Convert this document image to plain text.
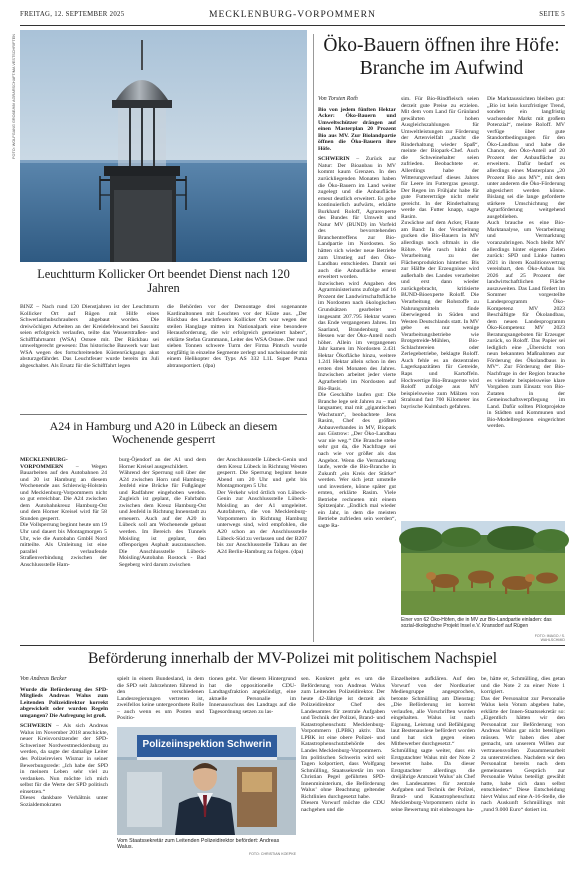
FREITAG, 12. SEPTEMBER 2025	MECKLENBURG-VORPOMMERN	SEITE 5
FOTO: WOLFGANG GROßE/MV AGRARSCHAFT/MA VESTSCHRIFTEN
Leuchtturm Kollicker Ort beendet Dienst nach 120 Jahren
BINZ – Nach rund 120 Dienstjahren ist der Leuchtturm Kollicker Ort auf Rügen mit Hilfe eines Schwerlasthubschraubers abgebaut worden. Die dreiwöchigen Arbeiten an der Kreidefelswand bei Sassnitz seien erfolgreich verlaufen, teilte das Wasserstraßen- und Schifffahrtsamt (WSA) Ostsee mit. Der Rückbau sei umweltgerecht gewesen: Das historische Bauwerk war laut WSA wegen des fortschreitenden Küstenrückgangs akut absturzgefährdet. Das Leuchtfeuer wurde bereits im Juli abgeschaltet. Als Ersatz für die Schifffahrt legen
die Behörden vor der Demontage drei sogenannte Kardinaltonnen mit Leuchten vor der Küste aus. „Der Rückbau des Leuchtfeuers Kollicker Ort war wegen der steilen Hanglage mitten im Nationalpark eine besondere Herausforderung, die wir erfolgreich gemeistert haben“, erklärte Stefan Grammann, Leiter des WSA Ostsee. Der rund sieben Tonnen schwere Turm der Firma Pintsch wurde sorgfältig in einzelne Segmente zerlegt und nacheinander mit einem Helikopter des Typs AS 332 L1L Super Puma abtransportiert. (dpa)
A24 in Hamburg und A20 in Lübeck an diesem Wochenende gesperrt
MECKLENBURG-VORPOMMERN – Wegen Bauarbeiten auf den Autobahnen 24 und 20 ist Hamburg an diesem Wochenende aus Schleswig-Holstein und Mecklenburg-Vorpommern nicht so gut erreichbar. Die A24 zwischen dem Autobahnkreuz Hamburg-Ost und dem Horner Kreisel wird für 58 Stunden gesperrt.
Die Vollsperrung beginnt heute um 19 Uhr und dauert bis Montagmorgen 5 Uhr, wie die Autobahn GmbH Nord mitteilte. Als Umleitung ist eine parallel verlaufende Straßenverbindung zwischen der Anschlussstelle Ham-
burg-Öjendorf an der A1 und dem Horner Kreisel ausgeschildert.
Während der Sperrung soll über der A24 zwischen Horn und Hamburg-Jenfeld eine Brücke für Fußgänger und Radfahrer eingehoben werden. Zugleich ist geplant, die Fahrbahn zwischen dem Kreuz Hamburg-Ost und Jenfeld in Richtung Innenstadt zu erneuern. Auch auf der A20 in Lübeck soll am Wochenende gebaut werden. Im Bereich des Tunnels Moisling ist geplant, den offenporigen Asphalt auszutauschen. Die Anschlussstelle Lübeck-Moisling/Autobahn Rostock - Bad Segeberg wird darum zwischen
der Anschlussstelle Lübeck-Genin und dem Kreuz Lübeck in Richtung Westen gesperrt. Die Sperrung beginnt heute Abend um 20 Uhr und geht bis Montagmorgen 5 Uhr.
Der Verkehr wird örtlich von Lübeck-Genin zur Anschlussstelle Lübeck-Moisling an der A1 umgeleitet. Autofahrern, die von Mecklenburg-Vorpommern in Richtung Hamburg unterwegs sind, wird empfohlen, die A20 schon an der Anschlussstelle Lübeck-Süd zu verlassen und der B207 bis zur Anschlussstelle Talkau an der A24 Berlin-Hamburg zu folgen. (dpa)
Öko-Bauern öffnen ihre Höfe: Branche im Aufwind

Von Torsten Roth

Bio von jedem fünften Hektar Acker: Öko-Bauern und Umweltschützer drängen auf einen Masterplan 20 Prozent Bio aus MV. Zur Biolandpartie öffnen die Öko-Bauern ihre Höfe.

SCHWERIN – Zurück zur Natur: Der Bioanbau in MV kommt kaum Grenzen. In den zurückliegenden Monaten haben die Öko-Bauern im Land weiter zugelegt und die Anbaufläche erneut deutlich erweitert. Es gehe kontinuierlich aufwärts, erklärte Burkhard Roloff, Agrarexperte des Bundes für Umwelt und Natur MV (BUND) im Vorfeld des bevorstehenden Branchentreffens zur Bio-Landpartie im Nordosten. So hätten sich wieder neue Betriebe zum Umstieg auf den Öko-Landbau entschieden. Damit sei auch die Anbaufläche erneut erweitert worden.
Inzwischen wird Angaben des Agrarministeriums zufolge auf 16 Prozent der Landwirtschaftsfläche im Nordosten nach ökologischen Grundsätzen gearbeitet – insgesamt 207.795 Hektar waren das Ende vergangenen Jahres. Im Saarland, Brandenburg und Hessen war der Öko-Anteil noch höher. Allein im vergangenen Jahr kamen im Nordosten 2.431 Hektar Ökofläche hinzu, weitere 1.241 Hektar allein schon in den ersten drei Monaten des Jahres. Inzwischen arbeitet jeder vierte Agrarbetrieb im Nordosten auf Bio-Basis.
Die Geschäfte laufen gut: Die Branche lege seit Jahren zu – mal langsamer, mal mit „gigantischen Wachstum“, beobachtete Jens Rasim, Chef des größten Anbauverbandes in MV, Biopark aus Güstrow: „Der Öko-Landbau war nie weg.“ Die Branche stehe sehr gut da, die Nachfrage sei nach wie vor größer als das Angebot. Wenn die Vermarktung laufe, werde die Bio-Branche in Zukunft „ein Kreis der Stärke“ werden. Wer sich jetzt umstelle und investiere, könne später gut ernten, erklärte Rasim. Viele Betriebe rechneten mit einem Spitzenjahr. „Endlich mal wieder ein Jahr, in dem die meisten Betriebe zufrieden sein werden“, sagte Ra-
sim. Für Bio-Rindfleisch seien derzeit gute Preise zu erzielen. Mit dem vom Land für Grünland gewährten hohen Ausgleichszahlungen für Umweltleistungen zur Förderung der Artenvielfalt „macht die Rinderhaltung wieder Spaß“, meinte der Biopark-Chef. Auch die Schweinehalter seien zufrieden. Beobachtete er. Allerdings habe der Witterungsverlauf dieses Jahres für Leere im Futtergras gesorgt. Der Regen im Frühjahr habe für gute Futtererträge nicht mehr gereicht. In der Rinderhaltung werde das Futter knapp, sagte Rasim.
Zuwächse auf dem Acker, Flaute am Band: In der Verarbeitung gucken die Bio-Bauern in MV allerdings noch oftmals in die Röhre. Wie rasch hinkt die Verarbeitung zu der Flächenproduktion hinterher. Bis zur Hälfte der Erzeugnisse wird außerhalb des Landes verarbeitet und erst dann wieder zurückgebracht, kritisierte BUND-Bioexperte Roloff. Die Verarbeitung der Rohstoffe zu Nahrungsmitteln finde überwiegend in Süden und Westen Deutschlands statt. In MV gebe es nur wenige Verarbeitungsbetriebe wie Brotgetreide-Mühlen, Bio-Schlachtereien oder Zerlegebetriebe, beklagte Roloff. Auch fehle es an dezentralen Lagerkapazitäten für Getreide, Raps und Kartoffeln. Hochwertige Bio-Braugerste wird Roloff zufolge aus MV beispielsweise zum Mälzen von Stralsund fast 700 Kilometer ins bayrische Kulmbach gefahren.
Die Marktaussichten bleiben gut: „Bio ist kein kurzfristiger Trend, sondern ein langfristig wachsender Markt mit großem Potenzial“, meinte Roloff. MV verfüge über gute Standortbedingungen für den Öko-Landbau und habe die Chance, den Öko-Anteil auf 20 Prozent der Anbaufläche zu erweitern. Dafür bedarf es allerdings eines Masterplans „20 Prozent Bio aus MV“, mit dem unter anderem die Öko-Förderung abgesichert werden könne. Bislang sei die lange geforderte stärkere Umschichtung der Agrarförderung weitgehend ausgeblieben.
Auch brauche es eine Bio-Marktanalyse, um Verarbeitung und Vermarktung voranzubringen. Noch bleibt MV allerdings hinter eigenen Zielen zurück: SPD und Linke hatten 2021 in ihrem Koalitionsvertrag vereinbart, den Öko-Anbau bis 2026 auf 25 Prozent der landwirtschaftlichen Fläche auszuweiten. Das Land fördert im Sommer vorgestellte Landesprogramm Öko-Kompetenz MV 2023 Beschäftigte für Ökolandbau, dem neuen Landesprogramm Öko-Kompetenz MV 2023 Beratungsangeboten für Erzeuger zurück, so Roloff. Das Papier sei lediglich eine „Übersicht von neun bekannten Maßnahmen zur Förderung des Ökolandbaus in MV“. Zur Förderung der Bio-Nachfrage in der Region brauche es vielmehr beispielsweise klare Vorgaben zum Einsatz von Bio-Zutaten in der Gemeinschaftsverpflegung im Land. Dafür sollten Pilotprojekte in Städten und Kommunen und Bio-Modellregionen eingerichtet werden.
Einer von 62 Öko-Höfen, die in MV zur Bio-Landpartie einladen: das sozial-ökologische Projekt Insel e.V. Kransdorf auf Rügen
FOTO: IMAGO / S. WAHLSCHMID
Beförderung innerhalb der MV-Polizei mit politischem Nachspiel

Von Andreas Becker

Wurde die Beförderung des SPD-Mitglieds Andreas Walus zum Leitenden Polizeidirektor korrekt abgewickelt oder wurden Regeln umgangen? Die Aufregung ist groß.

SCHWERIN – Als sich Andreas Walus im November 2018 anschickte, neuer Kreisvorsitzender der SPD-Schweriner Nordwestmecklenburg zu werden, da sagte der damalige Leiter des Polizeireviers Wismar in seiner Bewerbungsrede: „Ich habe der SPD in meinem Leben sehr viel zu verdanken. Nun möchte ich mich selbst für die Werte der SPD politisch einsetzen.“
Dieses dankbare Verhältnis unter Sozialdemokraten
spielt in einem Bundesland, in dem die SPD seit Jahrzehnten führend in den verschiedenen Landesregierungen vertreten ist, zweifellos keine untergeordnete Rolle – auch wenn es um Posten und Positio-
tionen geht. Vor diesem Hintergrund hat die oppositionelle CDU-Landtagsfraktion angekündigt, eine aktuelle Personalie im Innenausschuss des Landtags auf die Tagesordnung setzen zu las-
Polizeiinspektion Schwerin
Vom Staatssekretär zum Leitenden Polizeidirektor befördert: Andreas Walus.
FOTO: CHRISTIAN KOEPKE
sen. Konkret geht es um die Beförderung von Andreas Walus zum Leitenden Polizeidirektor. Der heute 42-Jährige ist derzeit als Polizeidirektor Chef des Landesamtes für zentrale Aufgaben und Technik der Polizei, Brand- und Katastrophenschutz Mecklenburg-Vorpommern (LPBK) aktiv. Das LPBK ist eine obere Polizei- und Katastrophenschutzbehörde des Landes Mecklenburg-Vorpommern.
Im politischen Schwerin wird seit Tagen kolportiert, dass Wolfgang Schmülling, Staatssekretär im von Christian Pegel geführten SPD-Innenministerium, die Beförderung Walus’ ohne Beachtung geltender Richtlinien durchgesetzt habe.
Diesem Vorwurf möchte die CDU nachgehen und die
Einzelheiten aufklären. Auf den Vorwurf von der Nordkurier Mediengruppe angesprochen, betonte Schmülling am Dienstag: „Die Beförderung ist korrekt verlaufen, alle Vorschriften wurden eingehalten. Walus ist nach Eignung, Leistung und Befähigung laut Bestenauslese befördert worden und hat sich gegen einen Mitbewerber durchgesetzt.“
Schmülling sagte weiter, dass ein Erstgutachter Walus mit der Note 2 bewertet habe. Da dieser Erstgutachter allerdings die dreijährige Amtszeit Walus’ als Chef des Landesamtes für zentrale Aufgaben und Technik der Polizei, Brand- und Katastrophenschutz Mecklenburg-Vorpommern nicht in seine Bewertung mit einbezogen ha-
be, hätte er, Schmülling, dies getan und die Note 2 zu einer Note 1 korrigiert.
Das der Personalrat zur Personalie Walus kein Votum abgeben habe, erklärte der Innen-Staatssekretär so: „Eigentlich hätten wir den Personalrat zur Beförderung von Andreas Walus gar nicht beteiligen müssen. Wir haben dies aber gemacht, um unserem Willen zur vertrauensvollen Zusammenarbeit zu unterstreichen. Nachdem wir den Personalrat bereits nach dem gemeinsamen Gespräch zur Personalie Walus beteiligt gewählt hatte, habe sich dann selbst entschieden.“ Diese Entscheidung hievt Walus auf eine A-16-Stelle, die nach Auskunft Schmüllings mit „rund 9.000 Euro“ dotiert ist.
